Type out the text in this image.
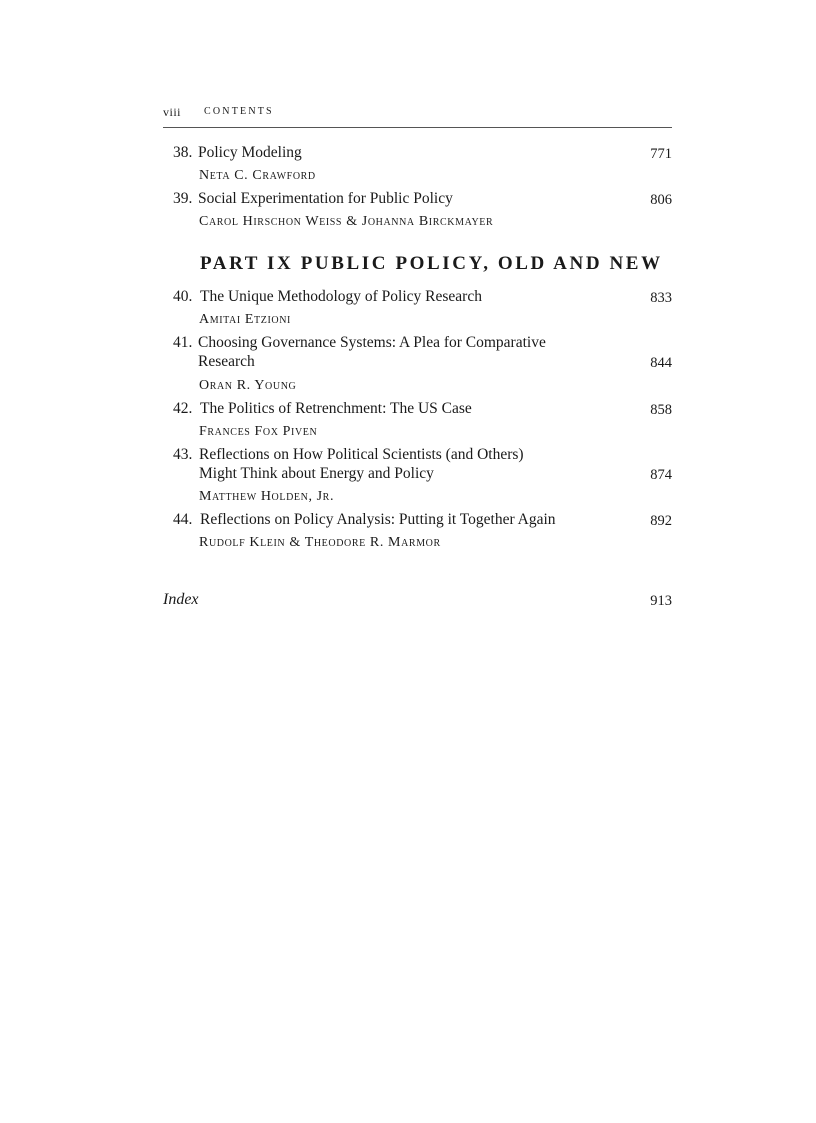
viii CONTENTS
38. Policy Modeling	771
Neta C. Crawford
39. Social Experimentation for Public Policy	806
Carol Hirschon Weiss & Johanna Birckmayer
PART IX PUBLIC POLICY, OLD AND NEW
40. The Unique Methodology of Policy Research	833
Amitai Etzioni
41. Choosing Governance Systems: A Plea for Comparative
Research	844
Oran R. Young
42. The Politics of Retrenchment: The US Case	858
Frances Fox Piven
43. Reflections on How Political Scientists (and Others)
Might Think about Energy and Policy	874
Matthew Holden, Jr.
44. Reflections on Policy Analysis: Putting it Together Again	892
Rudolf Klein & Theodore R. Marmor
Index	913
